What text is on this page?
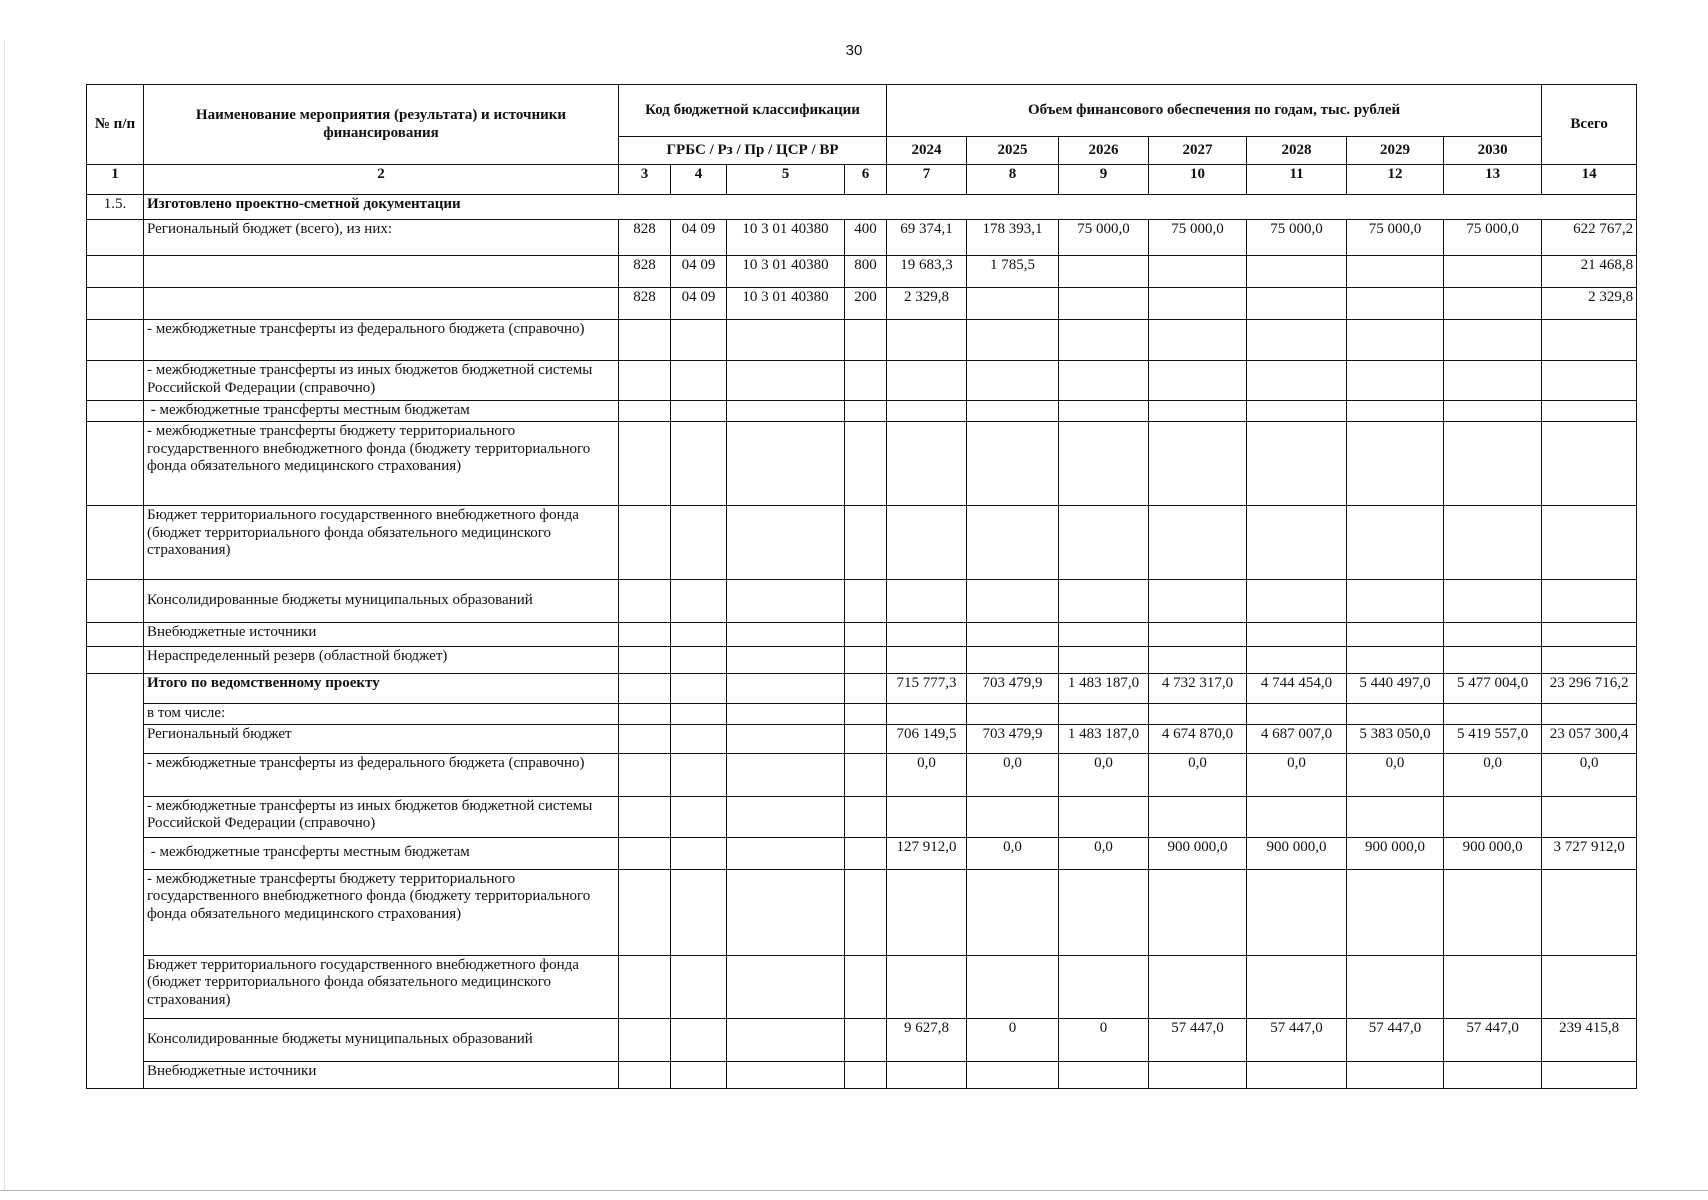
30
№ п/п	Наименование мероприятия (результата) и источники финансирования	Код бюджетной классификации				Объем финансового обеспечения по годам, тыс. рублей							Всего
		ГРБС / Рз / Пр / ЦСР / ВР				2024	2025	2026	2027	2028	2029	2030	
1	2	3	4	5	6	7	8	9	10	11	12	13	14
1.5.	Изготовлено проектно-сметной документации												
	Региональный бюджет (всего), из них:	828	04 09	10 3 01 40380	400	69 374,1	178 393,1	75 000,0	75 000,0	75 000,0	75 000,0	75 000,0	622 767,2
		828	04 09	10 3 01 40380	800	19 683,3	1 785,5						21 468,8
		828	04 09	10 3 01 40380	200	2 329,8							2 329,8
	- межбюджетные трансферты из федерального бюджета (справочно)												
	- межбюджетные трансферты из иных бюджетов бюджетной системы Российской Федерации (справочно)												
	- межбюджетные трансферты местным бюджетам												
	- межбюджетные трансферты бюджету территориального государственного внебюджетного фонда (бюджету территориального фонда обязательного медицинского страхования)												
	Бюджет территориального государственного внебюджетного фонда (бюджет территориального фонда обязательного медицинского страхования)												
	Консолидированные бюджеты муниципальных образований												
	Внебюджетные источники												
	Нераспределенный резерв (областной бюджет)												
	Итого по ведомственному проекту					715 777,3	703 479,9	1 483 187,0	4 732 317,0	4 744 454,0	5 440 497,0	5 477 004,0	23 296 716,2
	в том числе:												
	Региональный бюджет					706 149,5	703 479,9	1 483 187,0	4 674 870,0	4 687 007,0	5 383 050,0	5 419 557,0	23 057 300,4
	- межбюджетные трансферты из федерального бюджета (справочно)					0,0	0,0	0,0	0,0	0,0	0,0	0,0	0,0
	- межбюджетные трансферты из иных бюджетов бюджетной системы Российской Федерации (справочно)												
	- межбюджетные трансферты местным бюджетам					127 912,0	0,0	0,0	900 000,0	900 000,0	900 000,0	900 000,0	3 727 912,0
	- межбюджетные трансферты бюджету территориального государственного внебюджетного фонда (бюджету территориального фонда обязательного медицинского страхования)												
	Бюджет территориального государственного внебюджетного фонда (бюджет территориального фонда обязательного медицинского страхования)												
	Консолидированные бюджеты муниципальных образований					9 627,8	0	0	57 447,0	57 447,0	57 447,0	57 447,0	239 415,8
	Внебюджетные источники												
